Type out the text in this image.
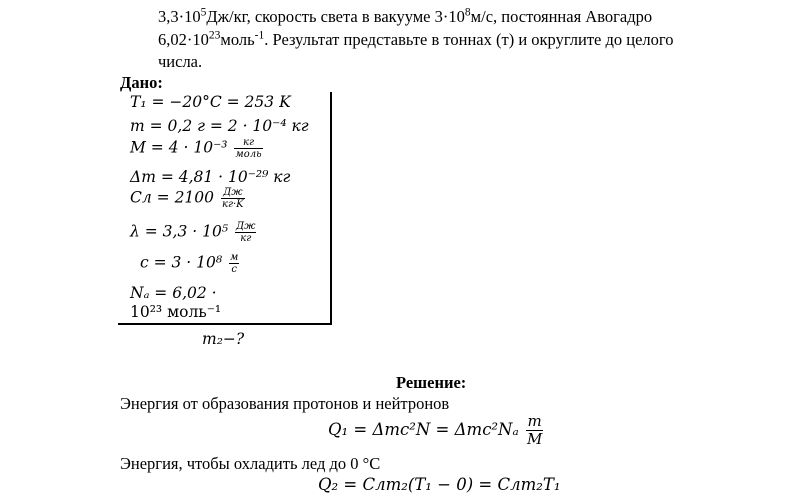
$3,3\cdot 10^5Дж/кг$, скорость света в вакууме $3\cdot 10^8м/с$, постоянная Авогадро
$6,02\cdot 10^{23}моль^{-1}$. Результат представьте в тоннах (т) и округлите до целого
числа.
Дано:
T₁ = −20°C = 253 K
m = 0,2 г = 2 · 10⁻⁴ кг
$M = 4 \cdot 10^{-3} \frac{кг}{\text{моль}}$
Δm = 4,81 · 10⁻²⁹ кг
Cл = $2100 \frac{Дж}{кг\cdot K}$
$\lambda = 3,3 \cdot 10^5 \frac{Дж}{кг}$
$c = 3 \cdot 10^8 \frac{м}{c}$
Nₐ = 6,02 ·
10²³ моль⁻¹
m₂−?
Решение:
Энергия от образования протонов и нейтронов
$Q_1 = \Delta mc^2N = \Delta mc^2N_a \frac{m}{M}$
Энергия, чтобы охладить лед до 0 °C
Q₂ = Cлm₂(T₁ − 0) = Cлm₂T₁
